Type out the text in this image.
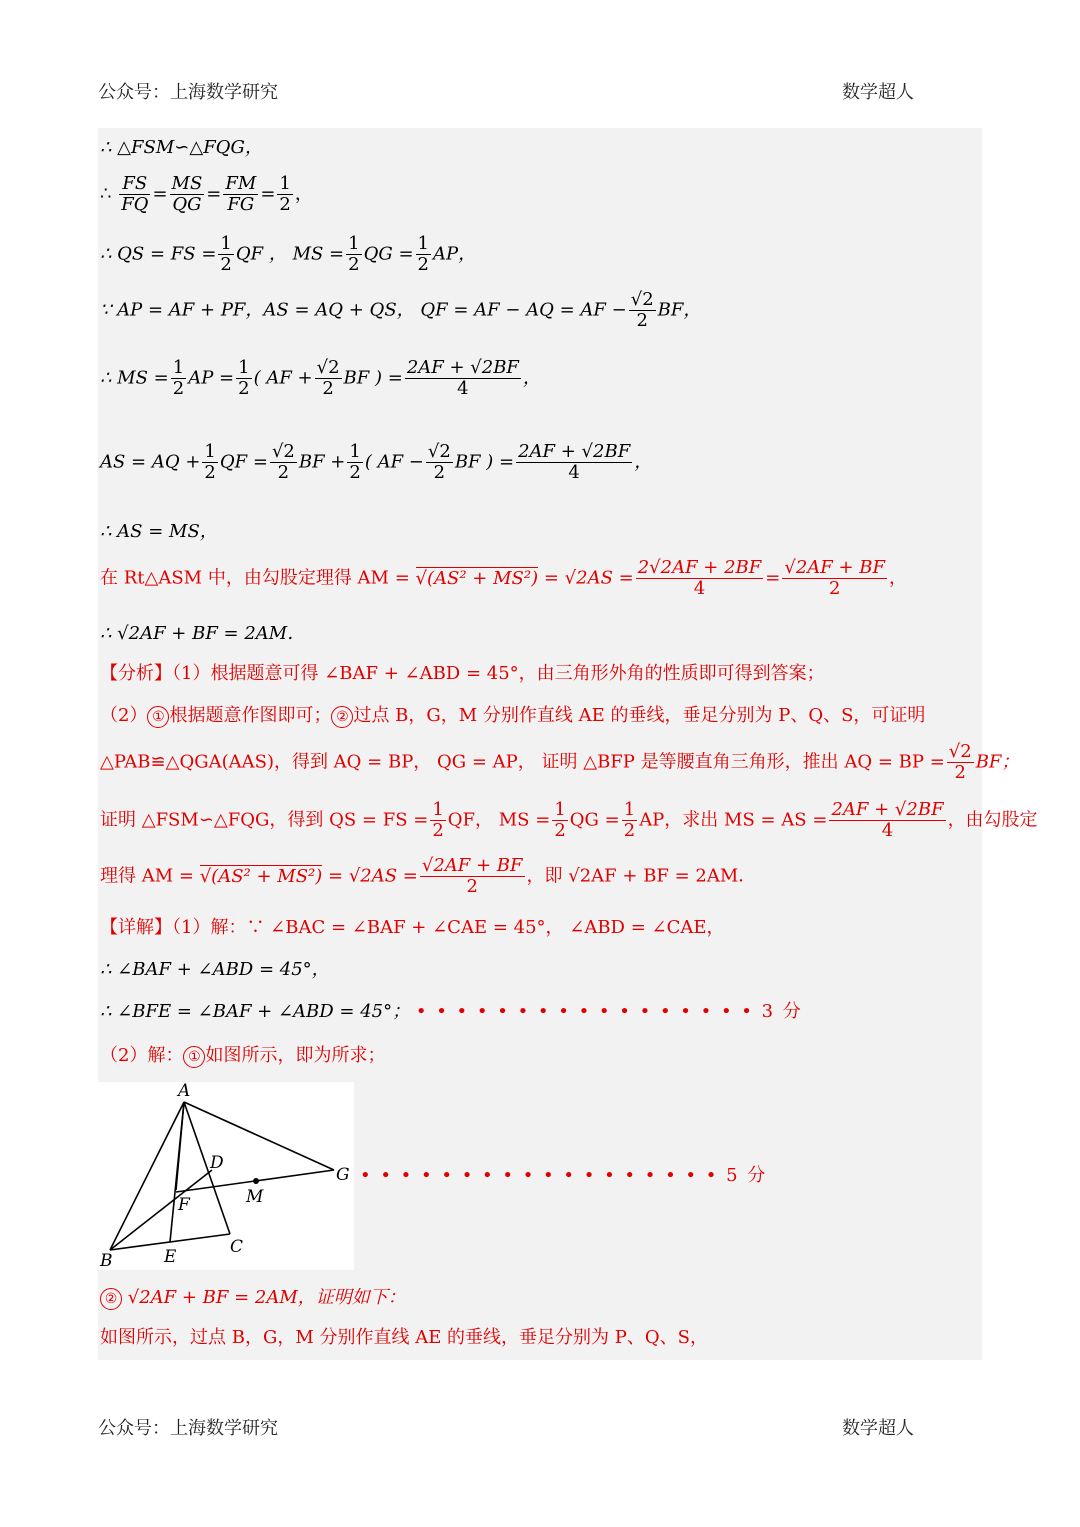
公众号：上海数学研究	数学超人
∴ △FSM∽△FQG，
∴ $\frac{FS}{FQ} = \frac{MS}{QG} = \frac{FM}{FG} = \frac{1}{2}$ ，
∴ QS = FS = $\frac{1}{2}$ QF ， MS = $\frac{1}{2}$ QG = $\frac{1}{2}$ AP，
∵ AP = AF + PF，AS = AQ + QS， QF = AF − AQ = AF − $\frac{√2}{2}$ BF，
∴ MS = $\frac{1}{2}$ AP = $\frac{1}{2}$ ( AF + $\frac{√2}{2}$ BF ) = $\frac{2AF + √2BF}{4}$ ，
AS = AQ + $\frac{1}{2}$ QF = $\frac{√2}{2}$ BF + $\frac{1}{2}$ ( AF − $\frac{√2}{2}$ BF ) = $\frac{2AF + √2BF}{4}$ ，
∴ AS = MS，
在 Rt△ASM 中，由勾股定理得 AM = $√(AS^2 + MS^2) = √2AS = \frac{2√2AF + 2BF}{4} = \frac{√2AF + BF}{2}$ ，
∴ √2AF + BF = 2AM．
【分析】（1）根据题意可得 ∠BAF + ∠ABD = 45°，由三角形外角的性质即可得到答案；
（2） ① 根据题意作图即可； ② 过点 B，G，M 分别作直线 AE 的垂线，垂足分别为 P、Q、S，可证明
△PAB≌△QGA(AAS)，得到 AQ = BP， QG = AP， 证明 △BFP 是等腰直角三角形，推出 AQ = BP = $\frac{√2}{2}$ BF；
证明 △FSM∽△FQG，得到 QS = FS = $\frac{1}{2}$ QF， MS = $\frac{1}{2}$ QG = $\frac{1}{2}$ AP，求出 MS = AS = $\frac{2AF + √2BF}{4}$ ，由勾股定
理得 AM = $√(AS^2 + MS^2) = √2AS = \frac{√2AF + BF}{2}$ ，即 √2AF + BF = 2AM．
【详解】（1）解：∵ ∠BAC = ∠BAF + ∠CAE = 45°， ∠ABD = ∠CAE，
∴ ∠BAF + ∠ABD = 45°，
∴ ∠BFE = ∠BAF + ∠ABD = 45°； • • • • • • • • • • • • • • • • • 3 分
（2）解： ① 如图所示，即为所求；
A
B
C
D
E
F
G
M
• • • • • • • • • • • • • • • • • • 5 分
② √2AF + BF = 2AM，证明如下：
如图所示，过点 B，G，M 分别作直线 AE 的垂线，垂足分别为 P、Q、S，
公众号：上海数学研究	数学超人
